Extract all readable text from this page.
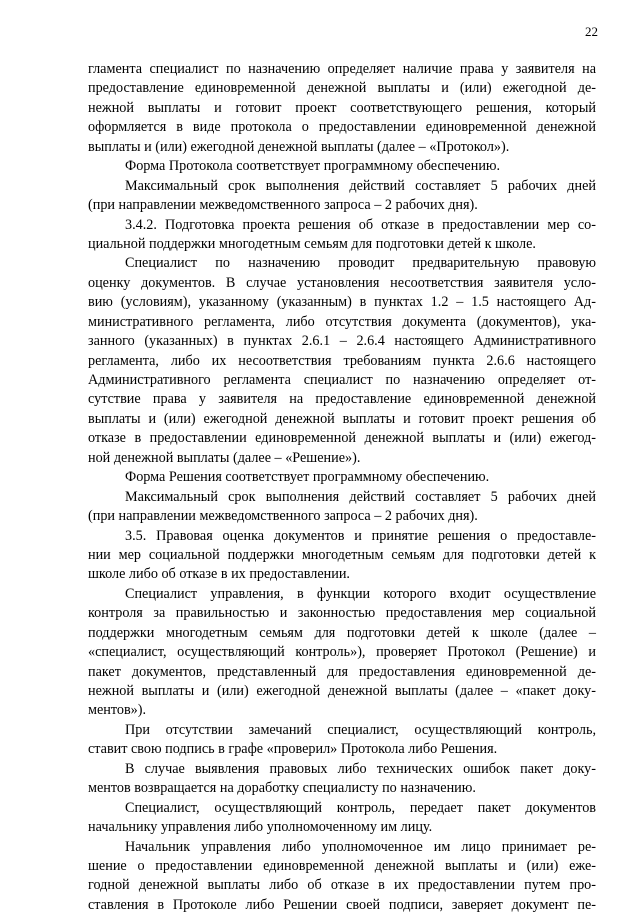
22
гламента специалист по назначению определяет наличие права у заявителя на
предоставление единовременной денежной выплаты и (или) ежегодной де-
нежной выплаты и готовит проект соответствующего решения, который
оформляется в виде протокола о предоставлении единовременной денежной
выплаты и (или) ежегодной денежной выплаты (далее – «Протокол»).
Форма Протокола соответствует программному обеспечению.
Максимальный срок выполнения действий составляет 5 рабочих дней
(при направлении межведомственного запроса – 2 рабочих дня).
3.4.2. Подготовка проекта решения об отказе в предоставлении мер со-
циальной поддержки многодетным семьям для подготовки детей к школе.
Специалист по назначению проводит предварительную правовую
оценку документов. В случае установления несоответствия заявителя усло-
вию (условиям), указанному (указанным) в пунктах 1.2 – 1.5 настоящего Ад-
министративного регламента, либо отсутствия документа (документов), ука-
занного (указанных) в пунктах 2.6.1 – 2.6.4 настоящего Административного
регламента, либо их несоответствия требованиям пункта 2.6.6 настоящего
Административного регламента специалист по назначению определяет от-
сутствие права у заявителя на предоставление единовременной денежной
выплаты и (или) ежегодной денежной выплаты и готовит проект решения об
отказе в предоставлении единовременной денежной выплаты и (или) ежегод-
ной денежной выплаты (далее – «Решение»).
Форма Решения соответствует программному обеспечению.
Максимальный срок выполнения действий составляет 5 рабочих дней
(при направлении межведомственного запроса – 2 рабочих дня).
3.5. Правовая оценка документов и принятие решения о предоставле-
нии мер социальной поддержки многодетным семьям для подготовки детей к
школе либо об отказе в их предоставлении.
Специалист управления, в функции которого входит осуществление
контроля за правильностью и законностью предоставления мер социальной
поддержки многодетным семьям для подготовки детей к школе (далее –
«специалист, осуществляющий контроль»), проверяет Протокол (Решение) и
пакет документов, представленный для предоставления единовременной де-
нежной выплаты и (или) ежегодной денежной выплаты (далее – «пакет доку-
ментов»).
При отсутствии замечаний специалист, осуществляющий контроль,
ставит свою подпись в графе «проверил» Протокола либо Решения.
В случае выявления правовых либо технических ошибок пакет доку-
ментов возвращается на доработку специалисту по назначению.
Специалист, осуществляющий контроль, передает пакет документов
начальнику управления либо уполномоченному им лицу.
Начальник управления либо уполномоченное им лицо принимает ре-
шение о предоставлении единовременной денежной выплаты и (или) еже-
годной денежной выплаты либо об отказе в их предоставлении путем про-
ставления в Протоколе либо Решении своей подписи, заверяет документ пе-
